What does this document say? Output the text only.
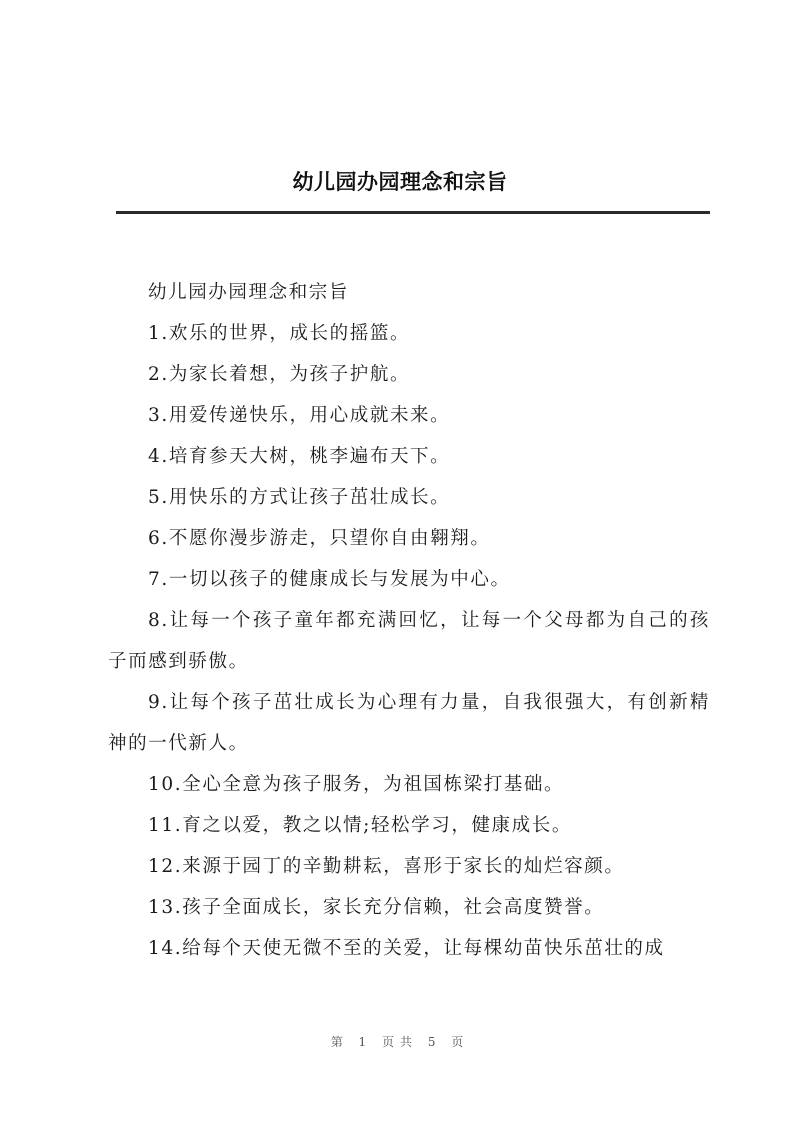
幼儿园办园理念和宗旨

幼儿园办园理念和宗旨

1.欢乐的世界，成长的摇篮。

2.为家长着想，为孩子护航。

3.用爱传递快乐，用心成就未来。

4.培育参天大树，桃李遍布天下。

5.用快乐的方式让孩子茁壮成长。

6.不愿你漫步游走，只望你自由翱翔。

7.一切以孩子的健康成长与发展为中心。

8.让每一个孩子童年都充满回忆，让每一个父母都为自己的孩子而感到骄傲。

9.让每个孩子茁壮成长为心理有力量，自我很强大，有创新精神的一代新人。

10.全心全意为孩子服务，为祖国栋梁打基础。

11.育之以爱，教之以情;轻松学习，健康成长。

12.来源于园丁的辛勤耕耘，喜形于家长的灿烂容颜。

13.孩子全面成长，家长充分信赖，社会高度赞誉。

14.给每个天使无微不至的关爱，让每棵幼苗快乐茁壮的成

第 1 页共 5 页
